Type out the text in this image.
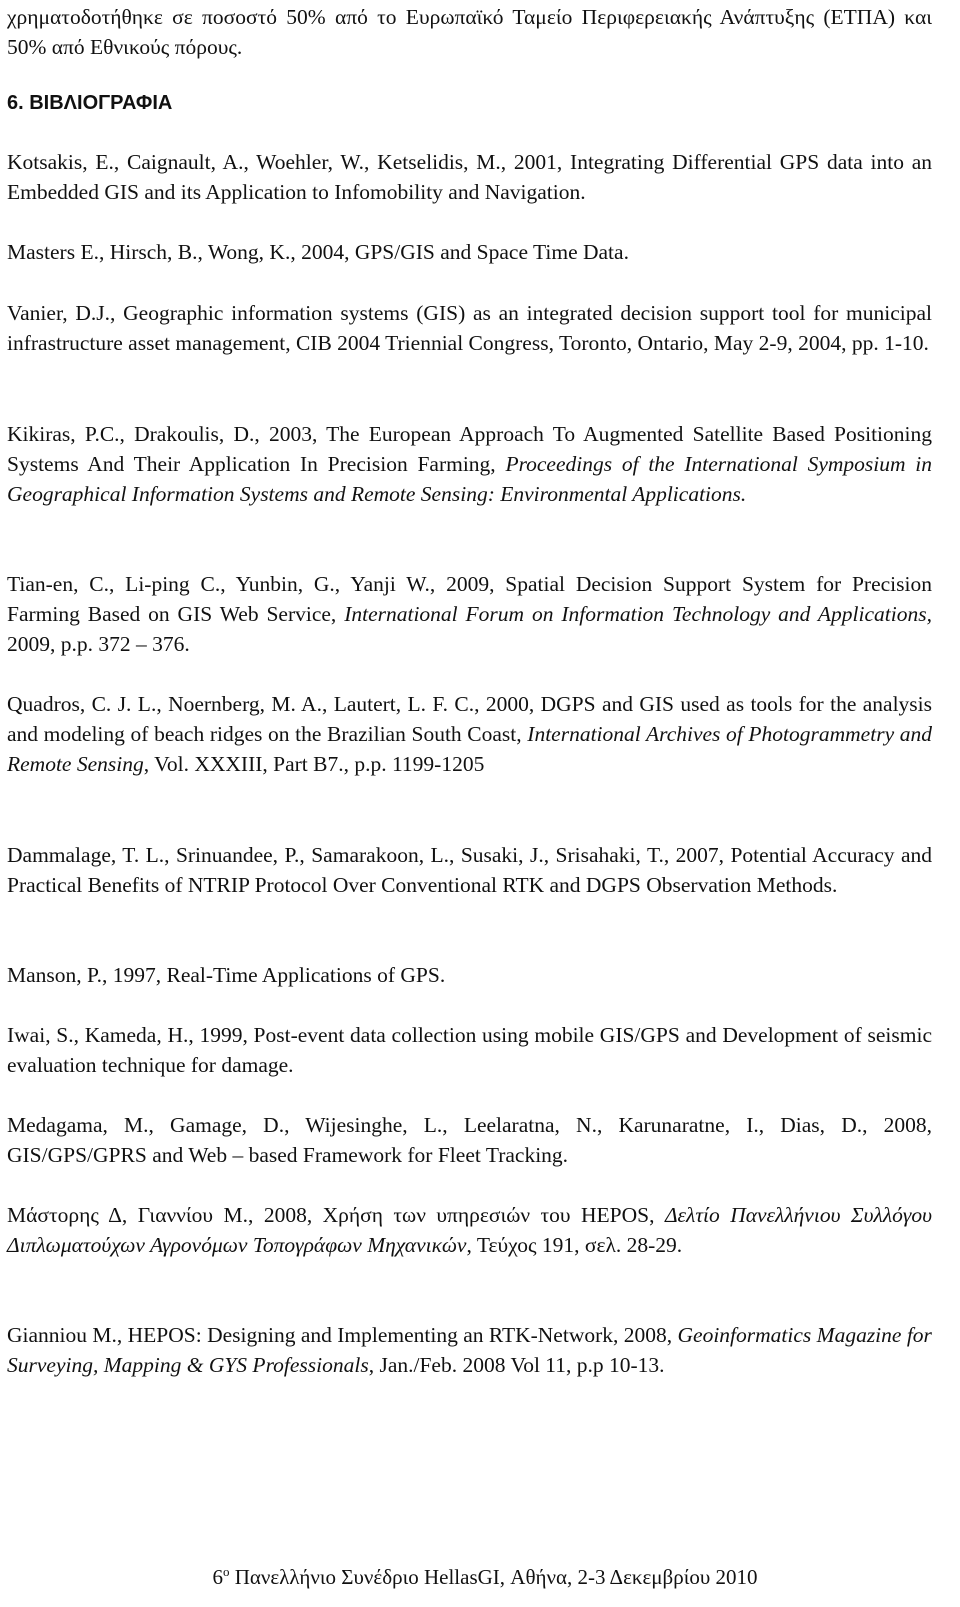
χρηματοδοτήθηκε σε ποσοστό 50% από το Ευρωπαϊκό Ταμείο Περιφερειακής Ανάπτυξης (ΕΤΠΑ) και 50% από Εθνικούς πόρους.

6. ΒΙΒΛΙΟΓΡΑΦΙΑ

Kotsakis, E., Caignault, A., Woehler, W., Ketselidis, M., 2001, Integrating Differential GPS data into an Embedded GIS and its Application to Infomobility and Navigation.

Masters E., Hirsch, B., Wong, K., 2004, GPS/GIS and Space Time Data.

Vanier, D.J., Geographic information systems (GIS) as an integrated decision support tool for municipal infrastructure asset management, CIB 2004 Triennial Congress, Toronto, Ontario, May 2-9, 2004, pp. 1-10.

Kikiras, P.C., Drakoulis, D., 2003, The European Approach To Augmented Satellite Based Positioning Systems And Their Application In Precision Farming, Proceedings of the International Symposium in Geographical Information Systems and Remote Sensing: Environmental Applications.

Tian-en, C., Li-ping C., Yunbin, G., Yanji W., 2009, Spatial Decision Support System for Precision Farming Based on GIS Web Service, International Forum on Information Technology and Applications, 2009, p.p. 372 – 376.

Quadros, C. J. L., Noernberg, M. A., Lautert, L. F. C., 2000, DGPS and GIS used as tools for the analysis and modeling of beach ridges on the Brazilian South Coast, International Archives of Photogrammetry and Remote Sensing, Vol. XXXIII, Part B7., p.p. 1199-1205

Dammalage, T. L., Srinuandee, P., Samarakoon, L., Susaki, J., Srisahaki, T., 2007, Potential Accuracy and Practical Benefits of NTRIP Protocol Over Conventional RTK and DGPS Observation Methods.

Manson, P., 1997, Real-Time Applications of GPS.

Iwai, S., Kameda, H., 1999, Post-event data collection using mobile GIS/GPS and Development of seismic evaluation technique for damage.

Medagama, M., Gamage, D., Wijesinghe, L., Leelaratna, N., Karunaratne, I., Dias, D., 2008, GIS/GPS/GPRS and Web – based Framework for Fleet Tracking.

Μάστορης Δ, Γιαννίου Μ., 2008, Χρήση των υπηρεσιών του HEPOS, Δελτίο Πανελλήνιου Συλλόγου Διπλωματούχων Αγρονόμων Τοπογράφων Μηχανικών, Τεύχος 191, σελ. 28-29.

Gianniou M., HEPOS: Designing and Implementing an RTK-Network, 2008, Geoinformatics Magazine for Surveying, Mapping & GYS Professionals, Jan./Feb. 2008 Vol 11, p.p 10-13.

$6^o$ Πανελλήνιο Συνέδριο HellasGI, Αθήνα, 2-3 Δεκεμβρίου 2010
